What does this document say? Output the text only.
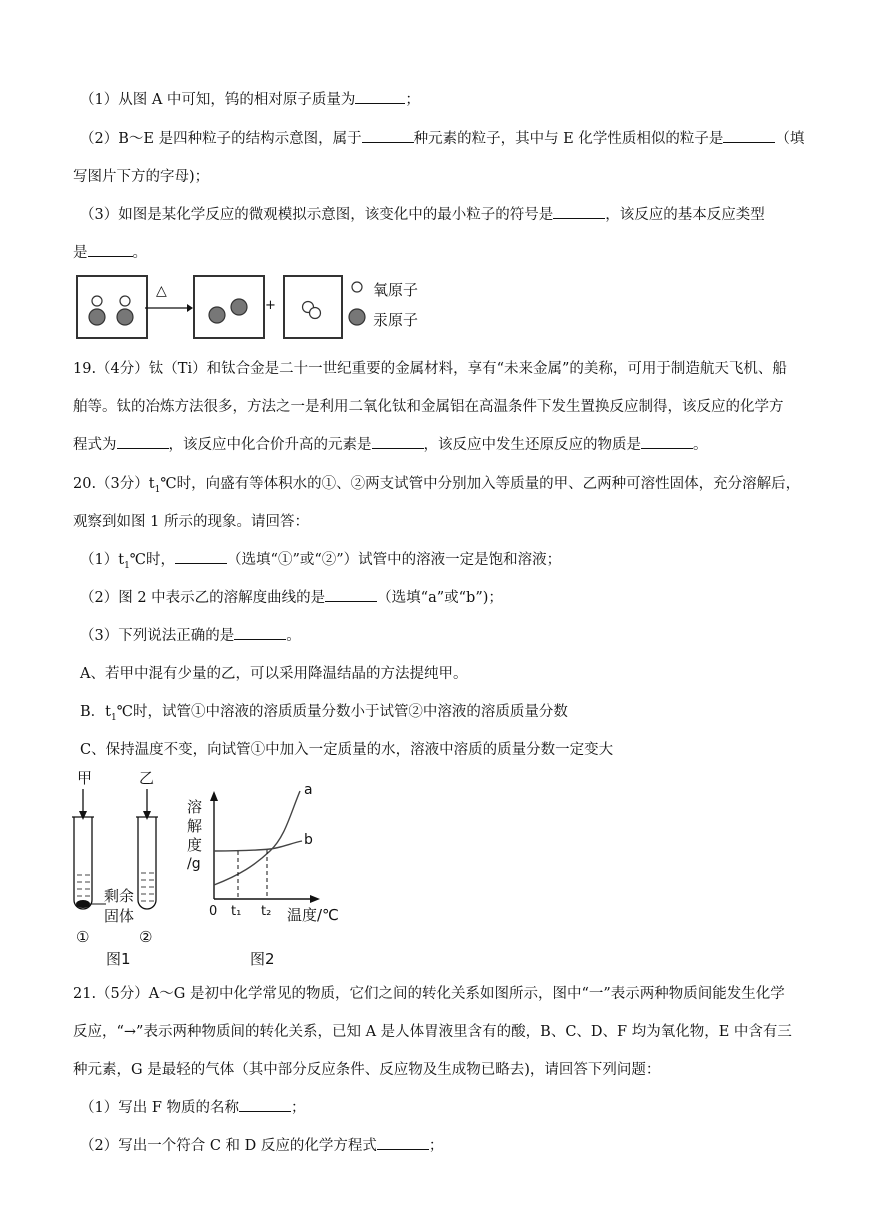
（1）从图 A 中可知，钨的相对原子质量为	；
（2）B～E 是四种粒子的结构示意图，属于	种元素的粒子，其中与 E 化学性质相似的粒子是	（填
写图片下方的字母)；
（3）如图是某化学反应的微观模拟示意图，该变化中的最小粒子的符号是	，该反应的基本反应类型
是	。
△
+
氧原子
汞原子
19.（4分）钛（Ti）和钛合金是二十一世纪重要的金属材料，享有“未来金属”的美称，可用于制造航天飞机、船
舶等。钛的冶炼方法很多，方法之一是利用二氧化钛和金属铝在高温条件下发生置换反应制得，该反应的化学方
程式为	，该反应中化合价升高的元素是	，该反应中发生还原反应的物质是	。
20.（3分）$t_1℃$时，向盛有等体积水的①、②两支试管中分别加入等质量的甲、乙两种可溶性固体，充分溶解后，
观察到如图 1 所示的现象。请回答：
$(1)t_1℃$时，	（选填“①”或“②”）试管中的溶液一定是饱和溶液；
（2）图 2 中表示乙的溶解度曲线的是	（选填“a”或“b”)；
（3）下列说法正确的是	。
A、若甲中混有少量的乙，可以采用降温结晶的方法提纯甲。
B．$t_1℃$时，试管①中溶液的溶质质量分数小于试管②中溶液的溶质质量分数
C、保持温度不变，向试管①中加入一定质量的水，溶液中溶质的质量分数一定变大
甲	乙
剩余
固体
①	②
图1
溶
解
度
/g
0 t₁ t₂ 温度/℃
a
b
图2
21.（5分）A～G 是初中化学常见的物质，它们之间的转化关系如图所示，图中“一”表示两种物质间能发生化学
反应，“→”表示两种物质间的转化关系，已知 A 是人体胃液里含有的酸，B、C、D、F 均为氧化物，E 中含有三
种元素，G 是最轻的气体（其中部分反应条件、反应物及生成物已略去)，请回答下列问题：
（1）写出 F 物质的名称	；
（2）写出一个符合 C 和 D 反应的化学方程式	；
